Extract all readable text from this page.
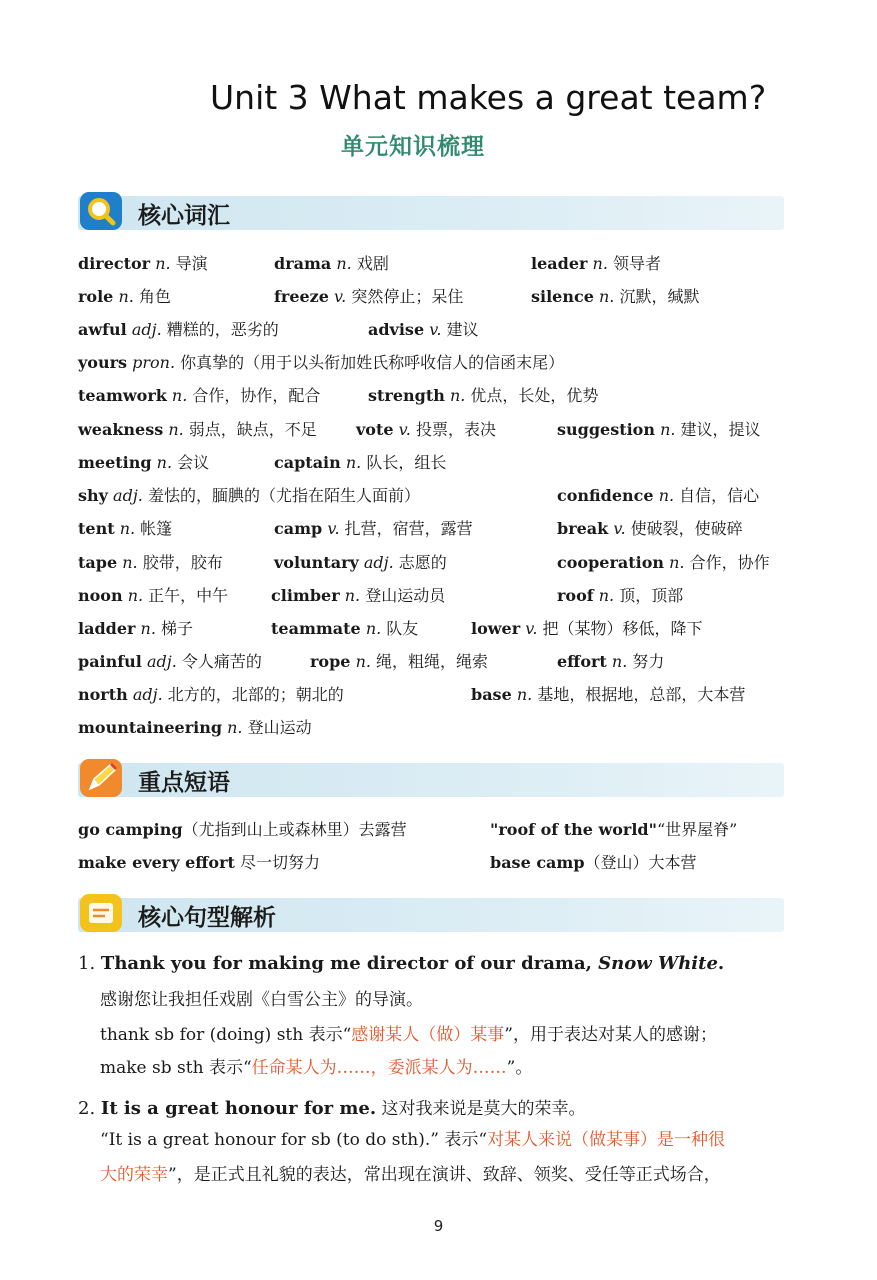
Unit 3 What makes a great team?
单元知识梳理
核心词汇
director n. 导演	drama n. 戏剧	leader n. 领导者
role n. 角色	freeze v. 突然停止；呆住	silence n. 沉默，缄默
awful adj. 糟糕的，恶劣的	advise v. 建议
yours pron. 你真挚的（用于以头衔加姓氏称呼收信人的信函末尾）
teamwork n. 合作，协作，配合	strength n. 优点，长处，优势
weakness n. 弱点，缺点，不足 vote v. 投票，表决	suggestion n. 建议，提议
meeting n. 会议	captain n. 队长，组长
shy adj. 羞怯的，腼腆的（尤指在陌生人面前）	confidence n. 自信，信心
tent n. 帐篷	camp v. 扎营，宿营，露营	break v. 使破裂，使破碎
tape n. 胶带，胶布	voluntary adj. 志愿的	cooperation n. 合作，协作
noon n. 正午，中午	climber n. 登山运动员	roof n. 顶，顶部
ladder n. 梯子	teammate n. 队友	lower v. 把（某物）移低，降下
painful adj. 令人痛苦的	rope n. 绳，粗绳，绳索	effort n. 努力
north adj. 北方的，北部的；朝北的	base n. 基地，根据地，总部，大本营
mountaineering n. 登山运动
重点短语
go camping（尤指到山上或森林里）去露营	"roof of the world"“世界屋脊”
make every effort 尽一切努力	base camp（登山）大本营
核心句型解析
1. Thank you for making me director of our drama, Snow White.
感谢您让我担任戏剧《白雪公主》的导演。
thank sb for (doing) sth 表示“感谢某人（做）某事”，用于表达对某人的感谢；
make sb sth 表示“任命某人为……，委派某人为……”。
2. It is a great honour for me. 这对我来说是莫大的荣幸。
“It is a great honour for sb (to do sth).” 表示“对某人来说（做某事）是一种很
大的荣幸”，是正式且礼貌的表达，常出现在演讲、致辞、领奖、受任等正式场合，
9
